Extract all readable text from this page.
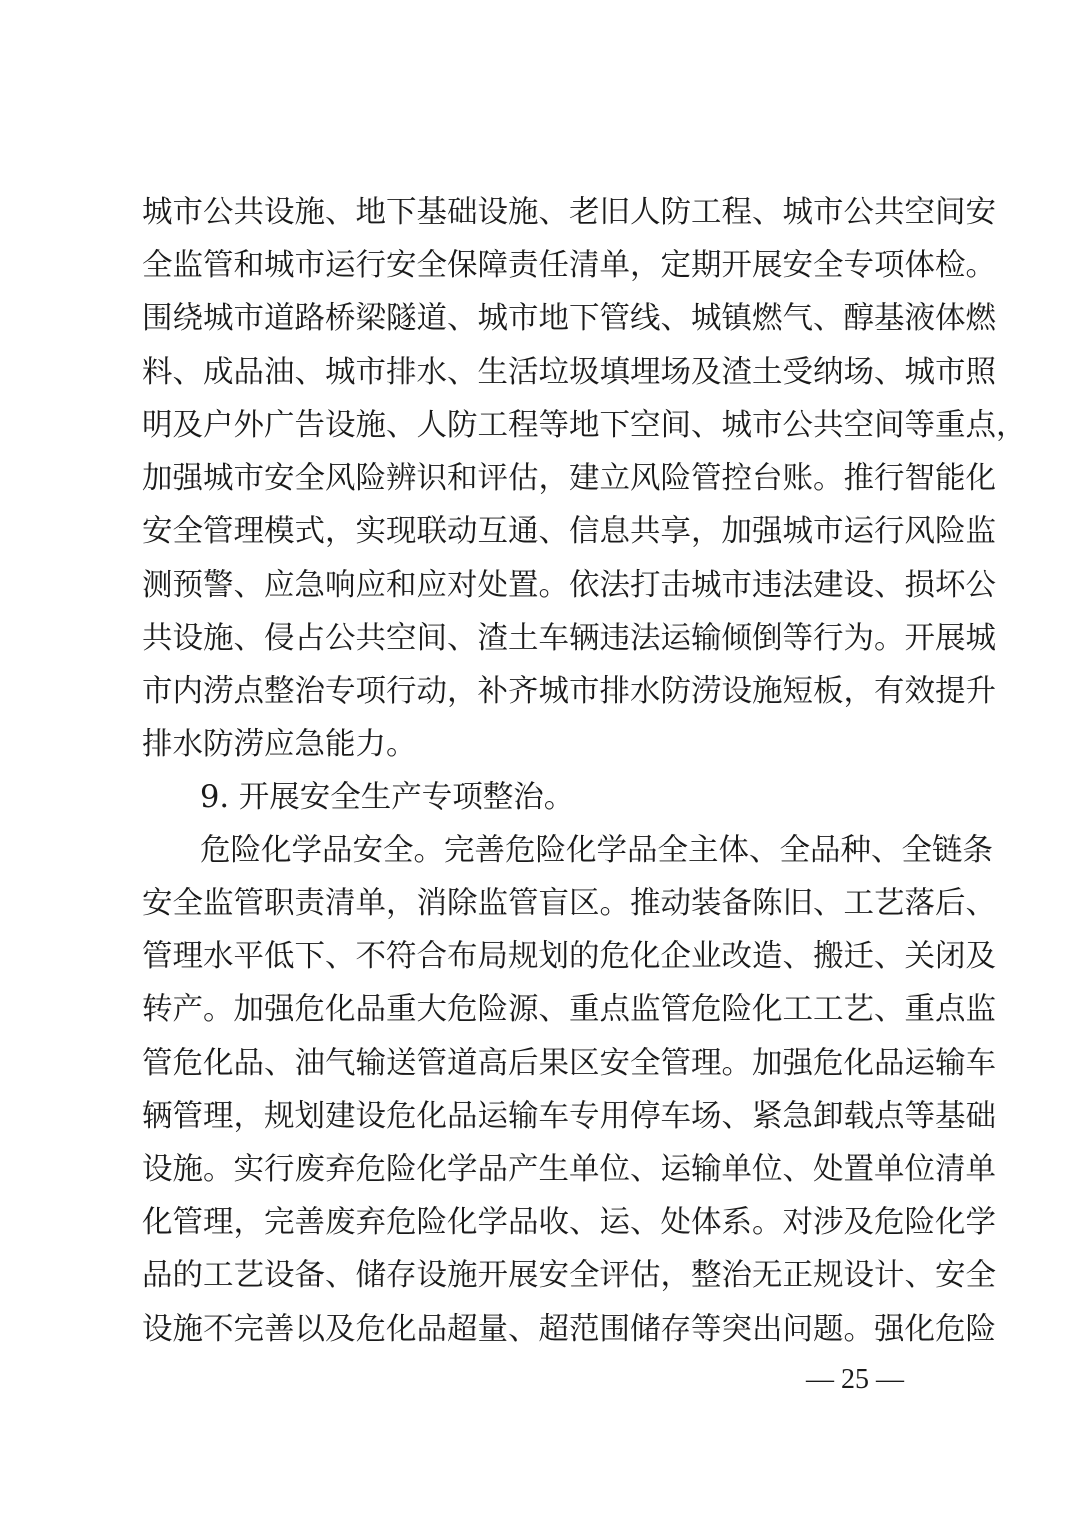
城市公共设施、地下基础设施、老旧人防工程、城市公共空间安
全监管和城市运行安全保障责任清单，定期开展安全专项体检。
围绕城市道路桥梁隧道、城市地下管线、城镇燃气、醇基液体燃
料、成品油、城市排水、生活垃圾填埋场及渣土受纳场、城市照
明及户外广告设施、人防工程等地下空间、城市公共空间等重点，
加强城市安全风险辨识和评估，建立风险管控台账。推行智能化
安全管理模式，实现联动互通、信息共享，加强城市运行风险监
测预警、应急响应和应对处置。依法打击城市违法建设、损坏公
共设施、侵占公共空间、渣土车辆违法运输倾倒等行为。开展城
市内涝点整治专项行动，补齐城市排水防涝设施短板，有效提升
排水防涝应急能力。
9. 开展安全生产专项整治。
危险化学品安全。完善危险化学品全主体、全品种、全链条
安全监管职责清单，消除监管盲区。推动装备陈旧、工艺落后、
管理水平低下、不符合布局规划的危化企业改造、搬迁、关闭及
转产。加强危化品重大危险源、重点监管危险化工工艺、重点监
管危化品、油气输送管道高后果区安全管理。加强危化品运输车
辆管理，规划建设危化品运输车专用停车场、紧急卸载点等基础
设施。实行废弃危险化学品产生单位、运输单位、处置单位清单
化管理，完善废弃危险化学品收、运、处体系。对涉及危险化学
品的工艺设备、储存设施开展安全评估，整治无正规设计、安全
设施不完善以及危化品超量、超范围储存等突出问题。强化危险
— 25 —
